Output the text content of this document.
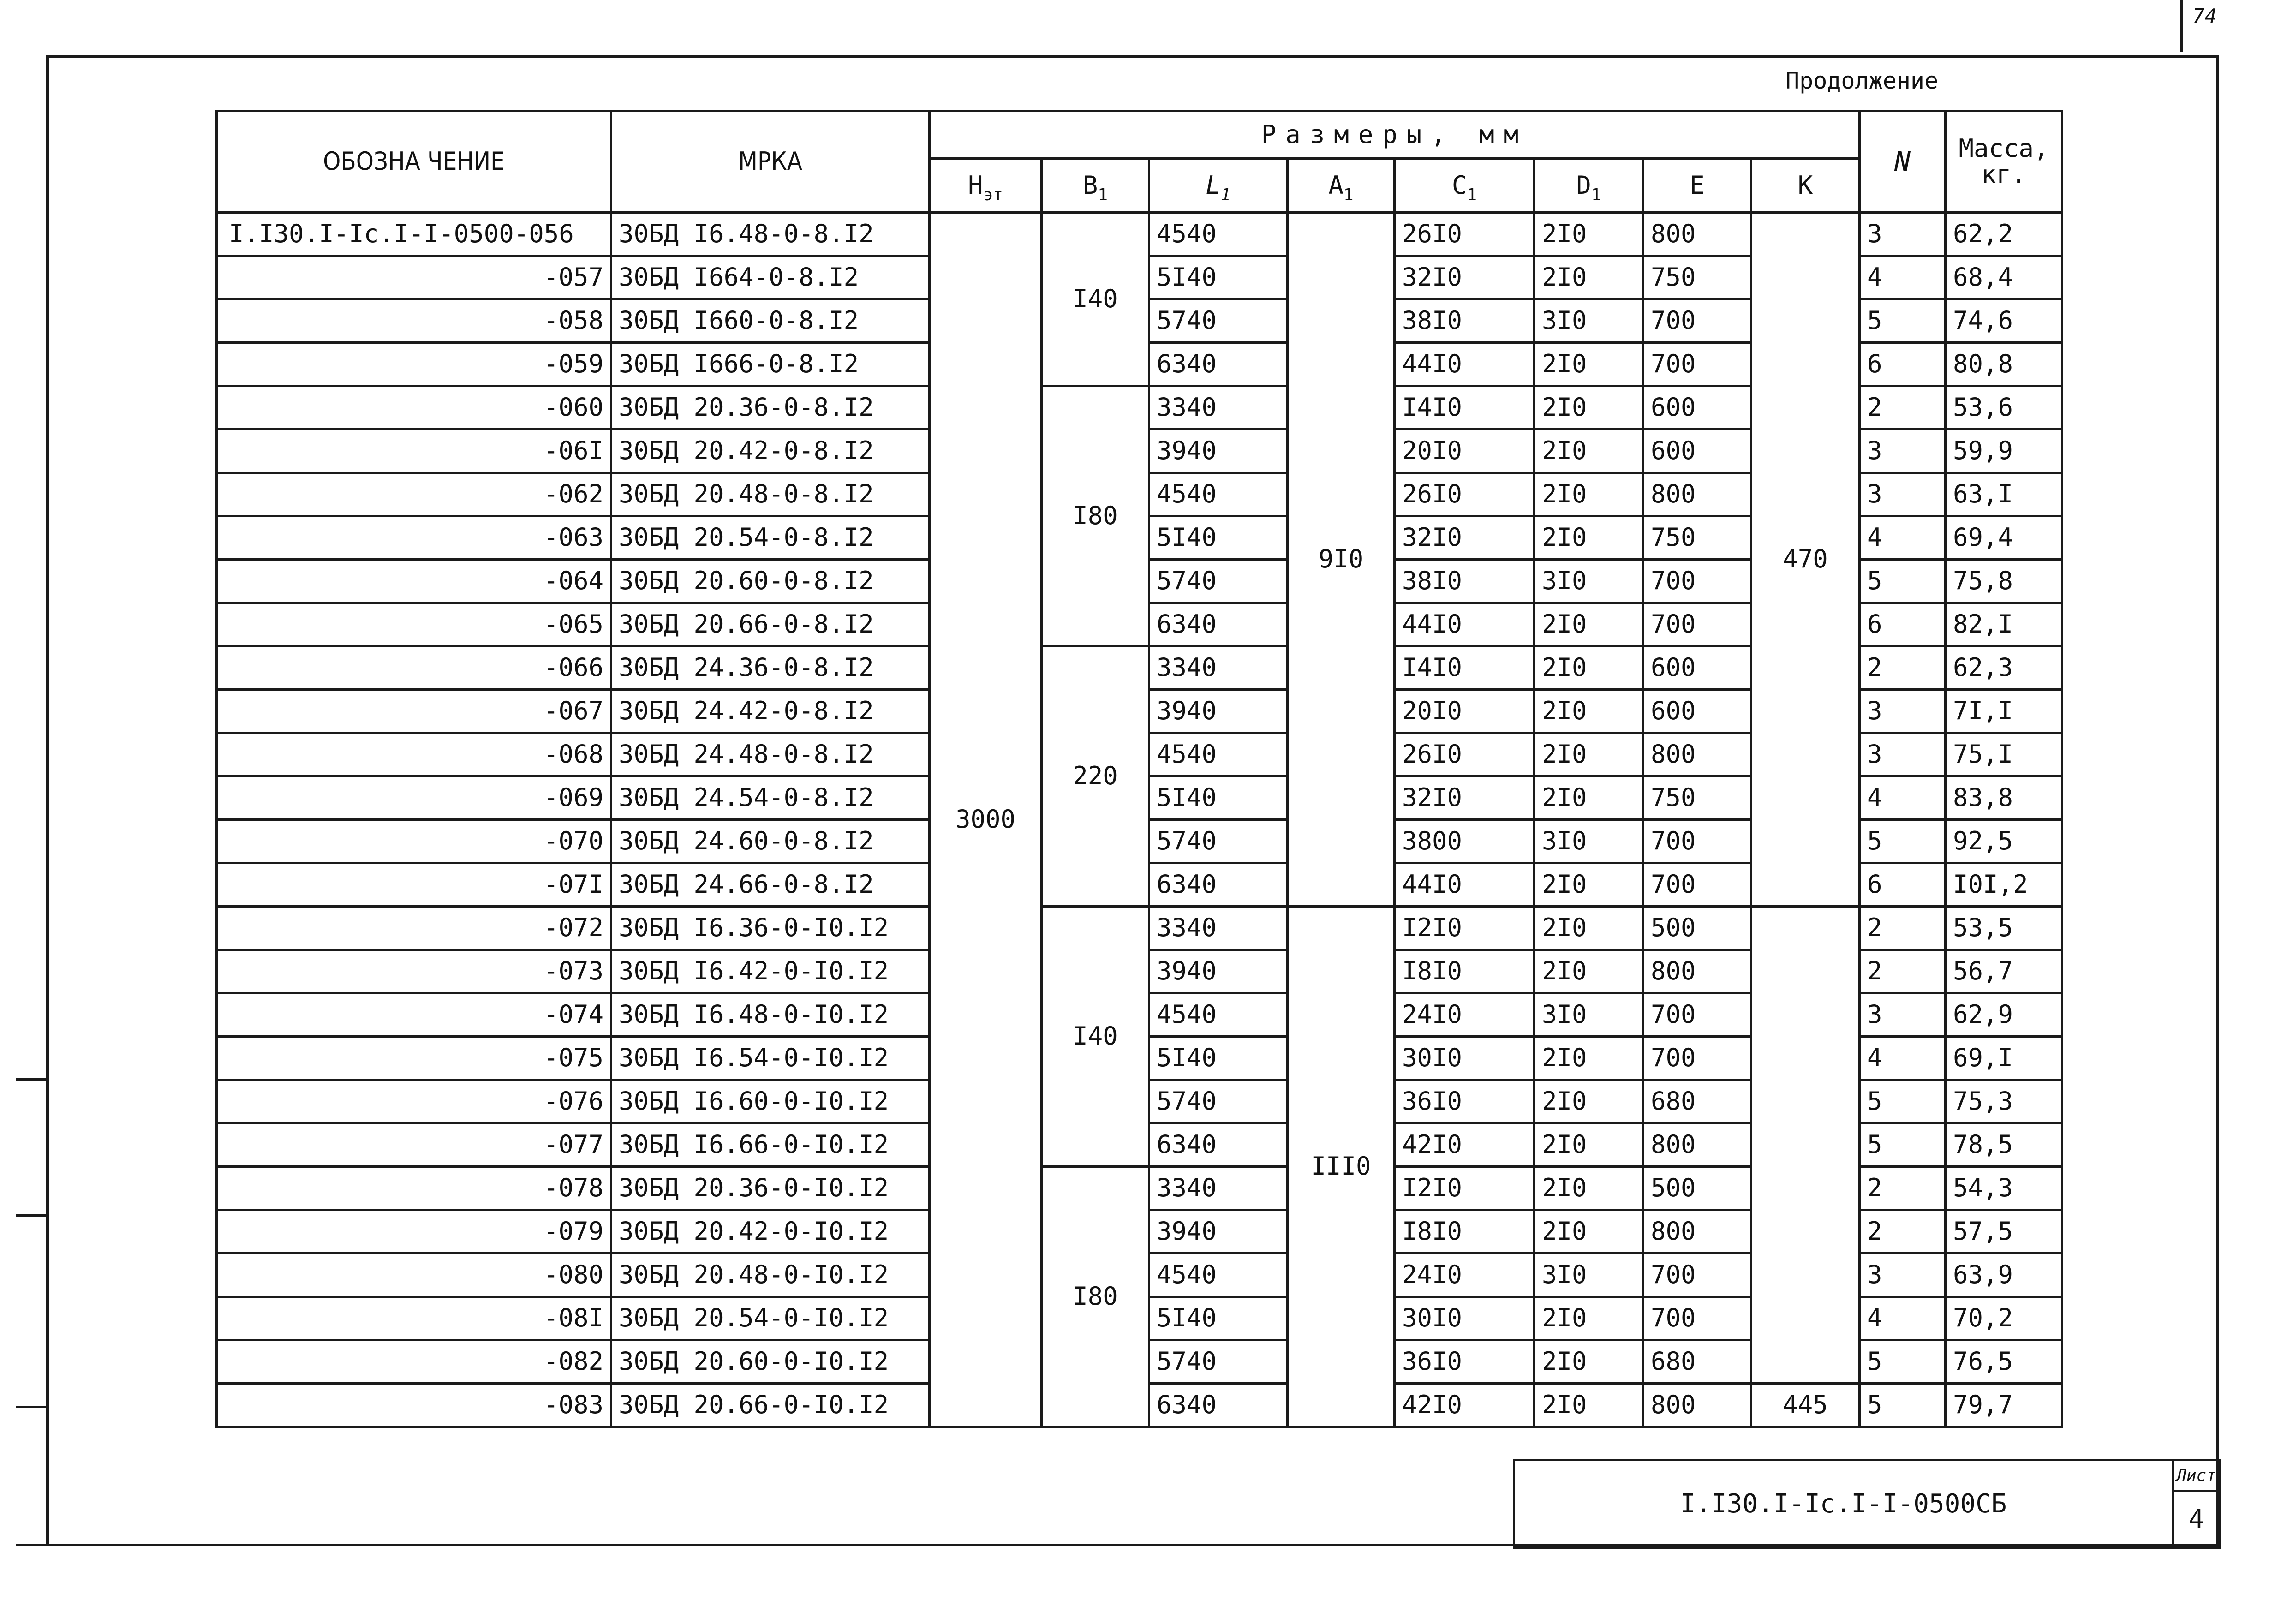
74
Продолжение
ОБОЗНА ЧЕНИЕ	МРКА	Размеры, мм								N	Масса,
кг.
		$H_{эт}$	$B_1$	$L_1$	$A_1$	$C_1$	$D_1$	E	K		
I.I30.I-Ic.I-I-0500-056	30БД I6.48-0-8.I2	3000	I40	4540	9I0	26I0	2I0	800	470	3	62,2
-057	30БД I664-0-8.I2			5I40		32I0	2I0	750		4	68,4
-058	30БД I660-0-8.I2			5740		38I0	3I0	700		5	74,6
-059	30БД I666-0-8.I2			6340		44I0	2I0	700		6	80,8
-060	30БД 20.36-0-8.I2		I80	3340		I4I0	2I0	600		2	53,6
-06I	30БД 20.42-0-8.I2			3940		20I0	2I0	600		3	59,9
-062	30БД 20.48-0-8.I2			4540		26I0	2I0	800		3	63,I
-063	30БД 20.54-0-8.I2			5I40		32I0	2I0	750		4	69,4
-064	30БД 20.60-0-8.I2			5740		38I0	3I0	700		5	75,8
-065	30БД 20.66-0-8.I2			6340		44I0	2I0	700		6	82,I
-066	30БД 24.36-0-8.I2		220	3340		I4I0	2I0	600		2	62,3
-067	30БД 24.42-0-8.I2			3940		20I0	2I0	600		3	7I,I
-068	30БД 24.48-0-8.I2			4540		26I0	2I0	800		3	75,I
-069	30БД 24.54-0-8.I2			5I40		32I0	2I0	750		4	83,8
-070	30БД 24.60-0-8.I2			5740		3800	3I0	700		5	92,5
-07I	30БД 24.66-0-8.I2			6340		44I0	2I0	700		6	I0I,2
-072	30БД I6.36-0-I0.I2		I40	3340	III0	I2I0	2I0	500		2	53,5
-073	30БД I6.42-0-I0.I2			3940		I8I0	2I0	800		2	56,7
-074	30БД I6.48-0-I0.I2			4540		24I0	3I0	700		3	62,9
-075	30БД I6.54-0-I0.I2			5I40		30I0	2I0	700		4	69,I
-076	30БД I6.60-0-I0.I2			5740		36I0	2I0	680		5	75,3
-077	30БД I6.66-0-I0.I2			6340		42I0	2I0	800		5	78,5
-078	30БД 20.36-0-I0.I2		I80	3340		I2I0	2I0	500		2	54,3
-079	30БД 20.42-0-I0.I2			3940		I8I0	2I0	800		2	57,5
-080	30БД 20.48-0-I0.I2			4540		24I0	3I0	700		3	63,9
-08I	30БД 20.54-0-I0.I2			5I40		30I0	2I0	700		4	70,2
-082	30БД 20.60-0-I0.I2			5740		36I0	2I0	680		5	76,5
-083	30БД 20.66-0-I0.I2			6340		42I0	2I0	800	445	5	79,7
I.I30.I-Ic.I-I-0500СБ	Лист
4
